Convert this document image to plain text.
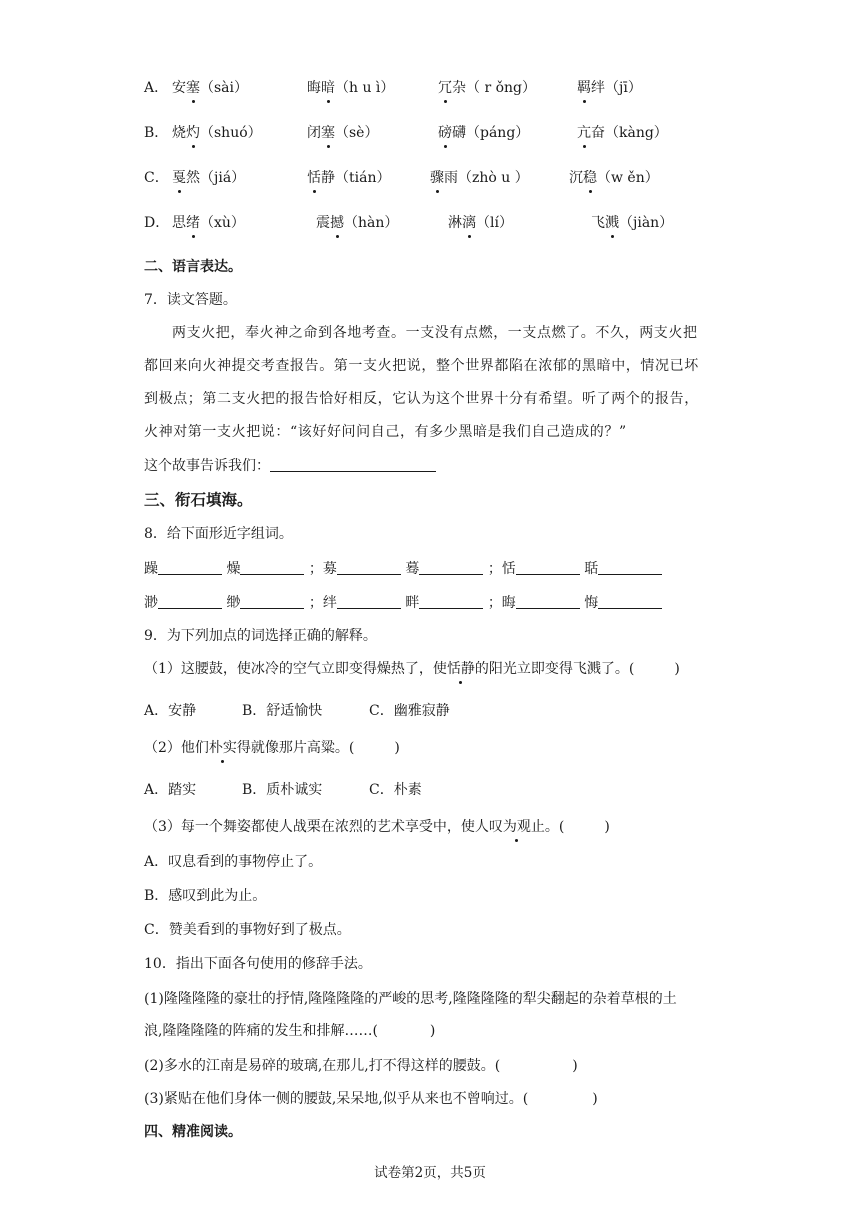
A． 安塞（sài）	晦暗（h u ì）	冗杂（ r ǒng）	羁绊（jī）
B． 烧灼（shuó）	闭塞（sè）	磅礴（páng）	亢奋（kàng）
C． 戛然（jiá）	恬静（tián）	骤雨（zhò u ）	沉稳（w ěn）
D． 思绪（xù）	震撼（hàn）	淋漓（lí）	飞溅（jiàn）
二、语言表达。
7．读文答题。
两支火把，奉火神之命到各地考查。一支没有点燃，一支点燃了。不久，两支火把
都回来向火神提交考查报告。第一支火把说，整个世界都陷在浓郁的黑暗中，情况已坏
到极点；第二支火把的报告恰好相反，它认为这个世界十分有希望。听了两个的报告，
火神对第一支火把说：“该好好问问自己，有多少黑暗是我们自己造成的？”
这个故事告诉我们：
三、衔石填海。
8．给下面形近字组词。
躁	燥	；募	蓦	；恬	聒
渺	缈	；绊	畔	；晦	悔
9．为下列加点的词选择正确的解释。
（1）这腰鼓，使冰冷的空气立即变得燥热了，使恬静的阳光立即变得飞溅了。(	)
A．安静	B．舒适愉快	C．幽雅寂静
（2）他们朴实得就像那片高粱。(	)
A．踏实	B．质朴诚实	C．朴素
（3）每一个舞姿都使人战栗在浓烈的艺术享受中，使人叹为观止。(	)
A．叹息看到的事物停止了。
B．感叹到此为止。
C．赞美看到的事物好到了极点。
10．指出下面各句使用的修辞手法。
(1)隆隆隆隆的豪壮的抒情,隆隆隆隆的严峻的思考,隆隆隆隆的犁尖翻起的杂着草根的土
浪,隆隆隆隆的阵痛的发生和排解……(	)
(2)多水的江南是易碎的玻璃,在那儿,打不得这样的腰鼓。(	)
(3)紧贴在他们身体一侧的腰鼓,呆呆地,似乎从来也不曾响过。(	)
四、精准阅读。
试卷第2页，共5页
